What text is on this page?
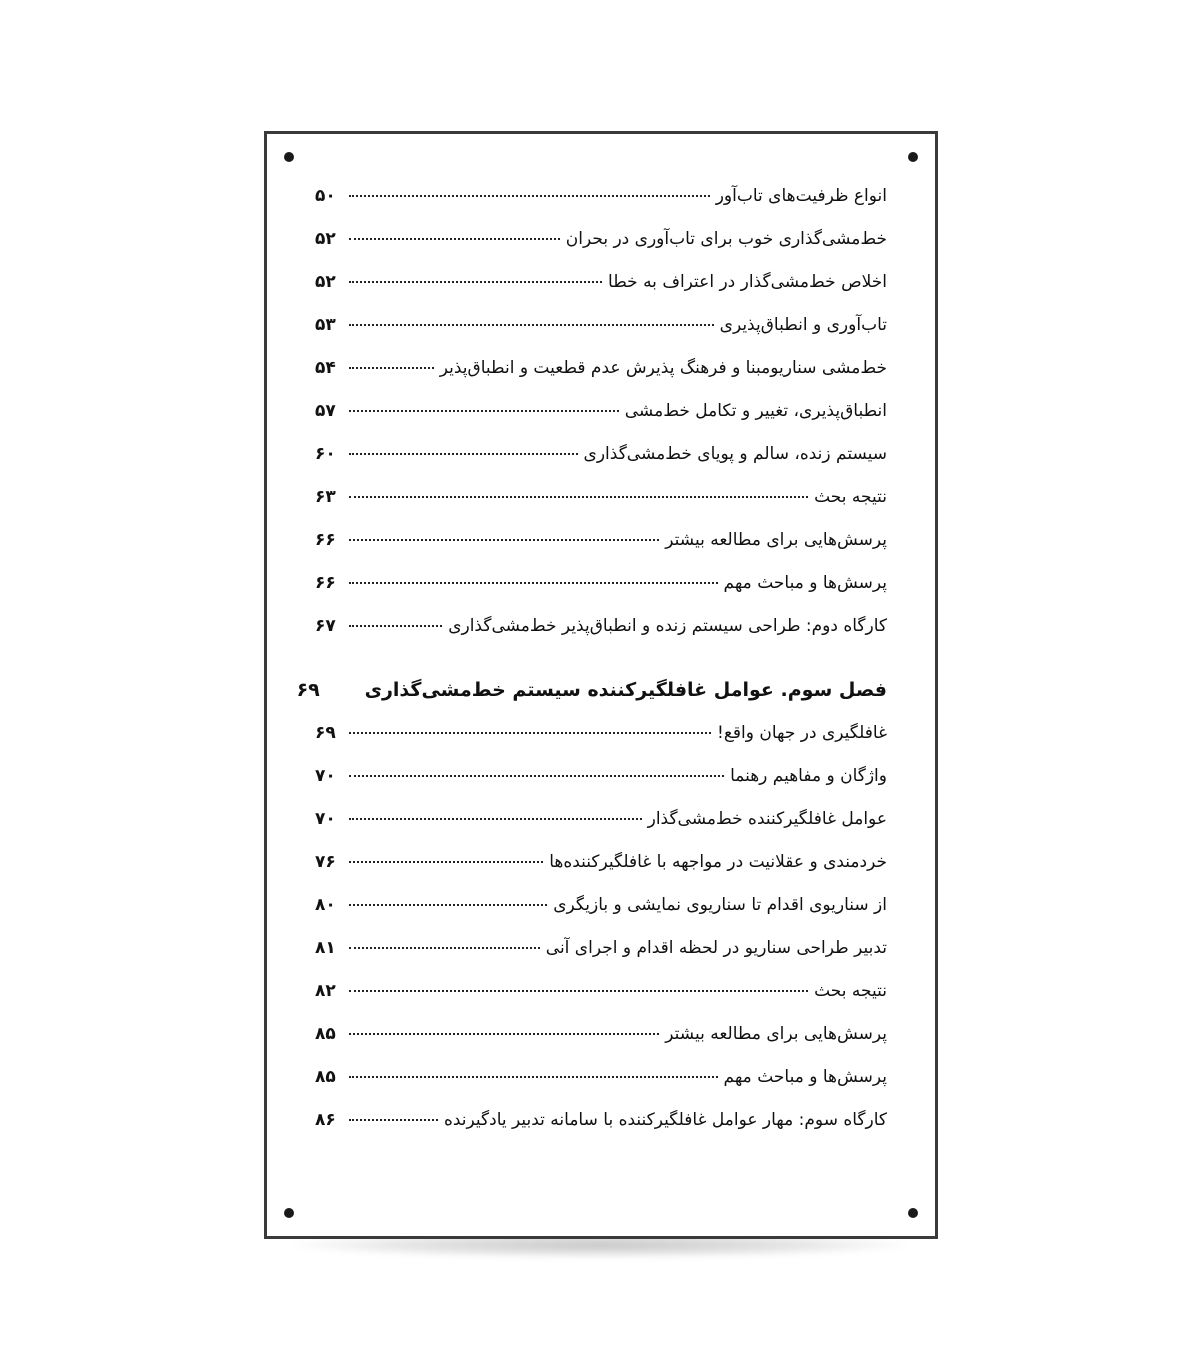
انواع ظرفیت‌های تاب‌آور
۵۰
خط‌مشی‌گذاری خوب برای تاب‌آوری در بحران
۵۲
اخلاص خط‌مشی‌گذار در اعتراف به خطا
۵۲
تاب‌آوری و انطباق‌پذیری
۵۳
خط‌مشی سناریومبنا و فرهنگ پذیرش عدم قطعیت و انطباق‌پذیر
۵۴
انطباق‌پذیری، تغییر و تکامل خط‌مشی
۵۷
سیستم زنده، سالم و پویای خط‌مشی‌گذاری
۶۰
نتیجه بحث
۶۳
پرسش‌هایی برای مطالعه بیشتر
۶۶
پرسش‌ها و مباحث مهم
۶۶
کارگاه دوم: طراحی سیستم زنده و انطباق‌پذیر خط‌مشی‌گذاری
۶۷
فصل سوم. عوامل غافلگیرکننده سیستم خط‌مشی‌گذاری
۶۹
غافلگیری در جهان واقع!
۶۹
واژگان و مفاهیم رهنما
۷۰
عوامل غافلگیرکننده خط‌مشی‌گذار
۷۰
خردمندی و عقلانیت در مواجهه با غافلگیرکننده‌ها
۷۶
از سناریوی اقدام تا سناریوی نمایشی و بازیگری
۸۰
تدبیر طراحی سناریو در لحظه اقدام و اجرای آنی
۸۱
نتیجه بحث
۸۲
پرسش‌هایی برای مطالعه بیشتر
۸۵
پرسش‌ها و مباحث مهم
۸۵
کارگاه سوم: مهار عوامل غافلگیرکننده با سامانه تدبیر یادگیرنده
۸۶
